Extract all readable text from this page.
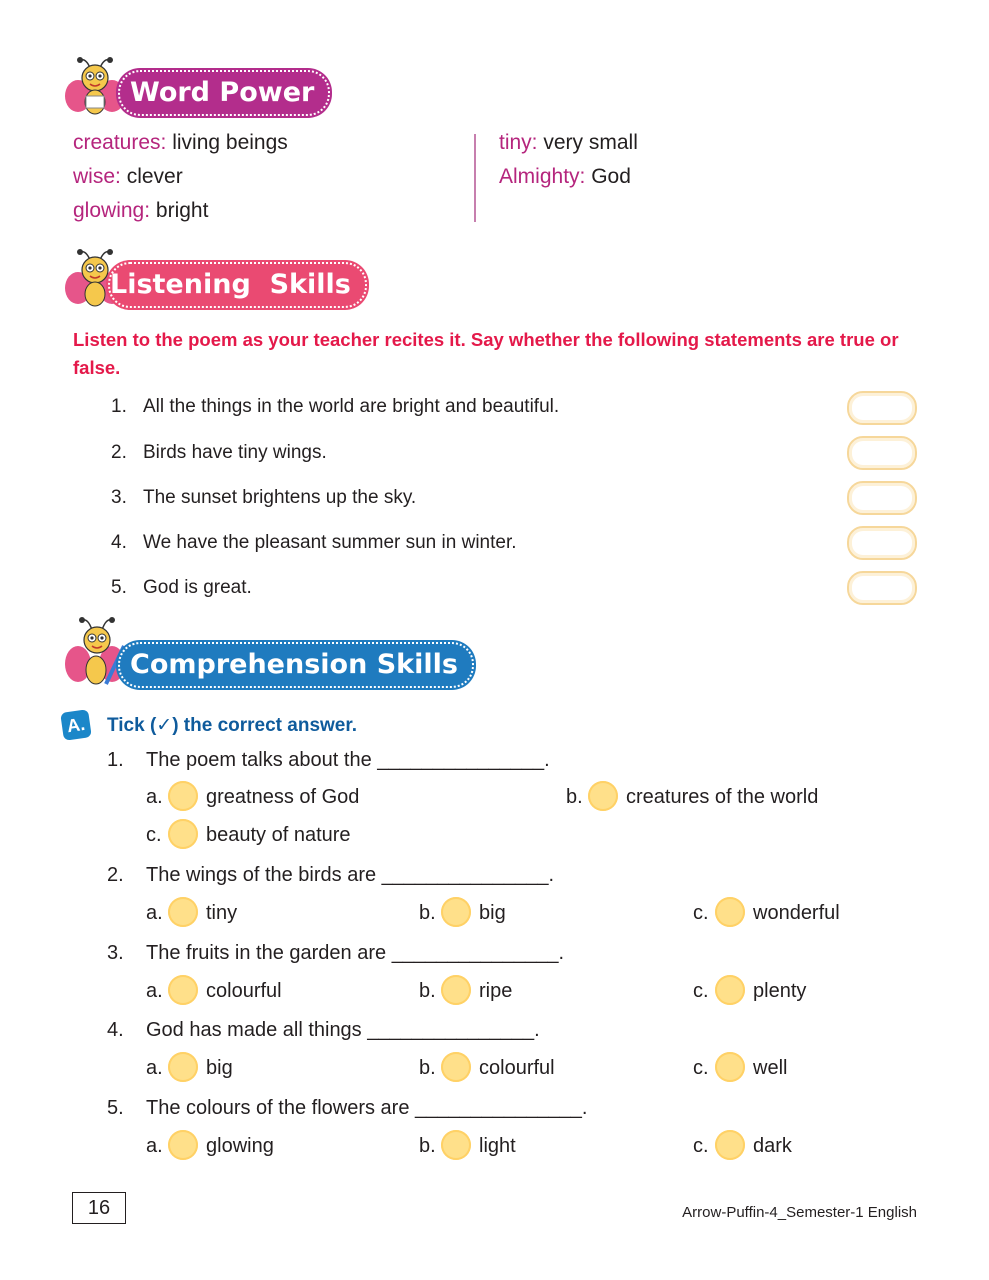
Word Power
creatures: living beings
wise: clever
glowing: bright
tiny: very small
Almighty: God
Listening  Skills
Listen to the poem as your teacher recites it. Say whether the following statements are true or false.
1. All the things in the world are bright and beautiful.
2. Birds have tiny wings.
3. The sunset brightens up the sky.
4. We have the pleasant summer sun in winter.
5. God is great.
Comprehension Skills
A. Tick (✓) the correct answer.
1. The poem talks about the _______________.
a. greatness of God	b. creatures of the world
c. beauty of nature
2. The wings of the birds are _______________.
a. tiny	b. big	c. wonderful
3. The fruits in the garden are _______________.
a. colourful	b. ripe	c. plenty
4. God has made all things _______________.
a. big	b. colourful	c. well
5. The colours of the flowers are _______________.
a. glowing	b. light	c. dark
16	Arrow-Puffin-4_Semester-1 English
